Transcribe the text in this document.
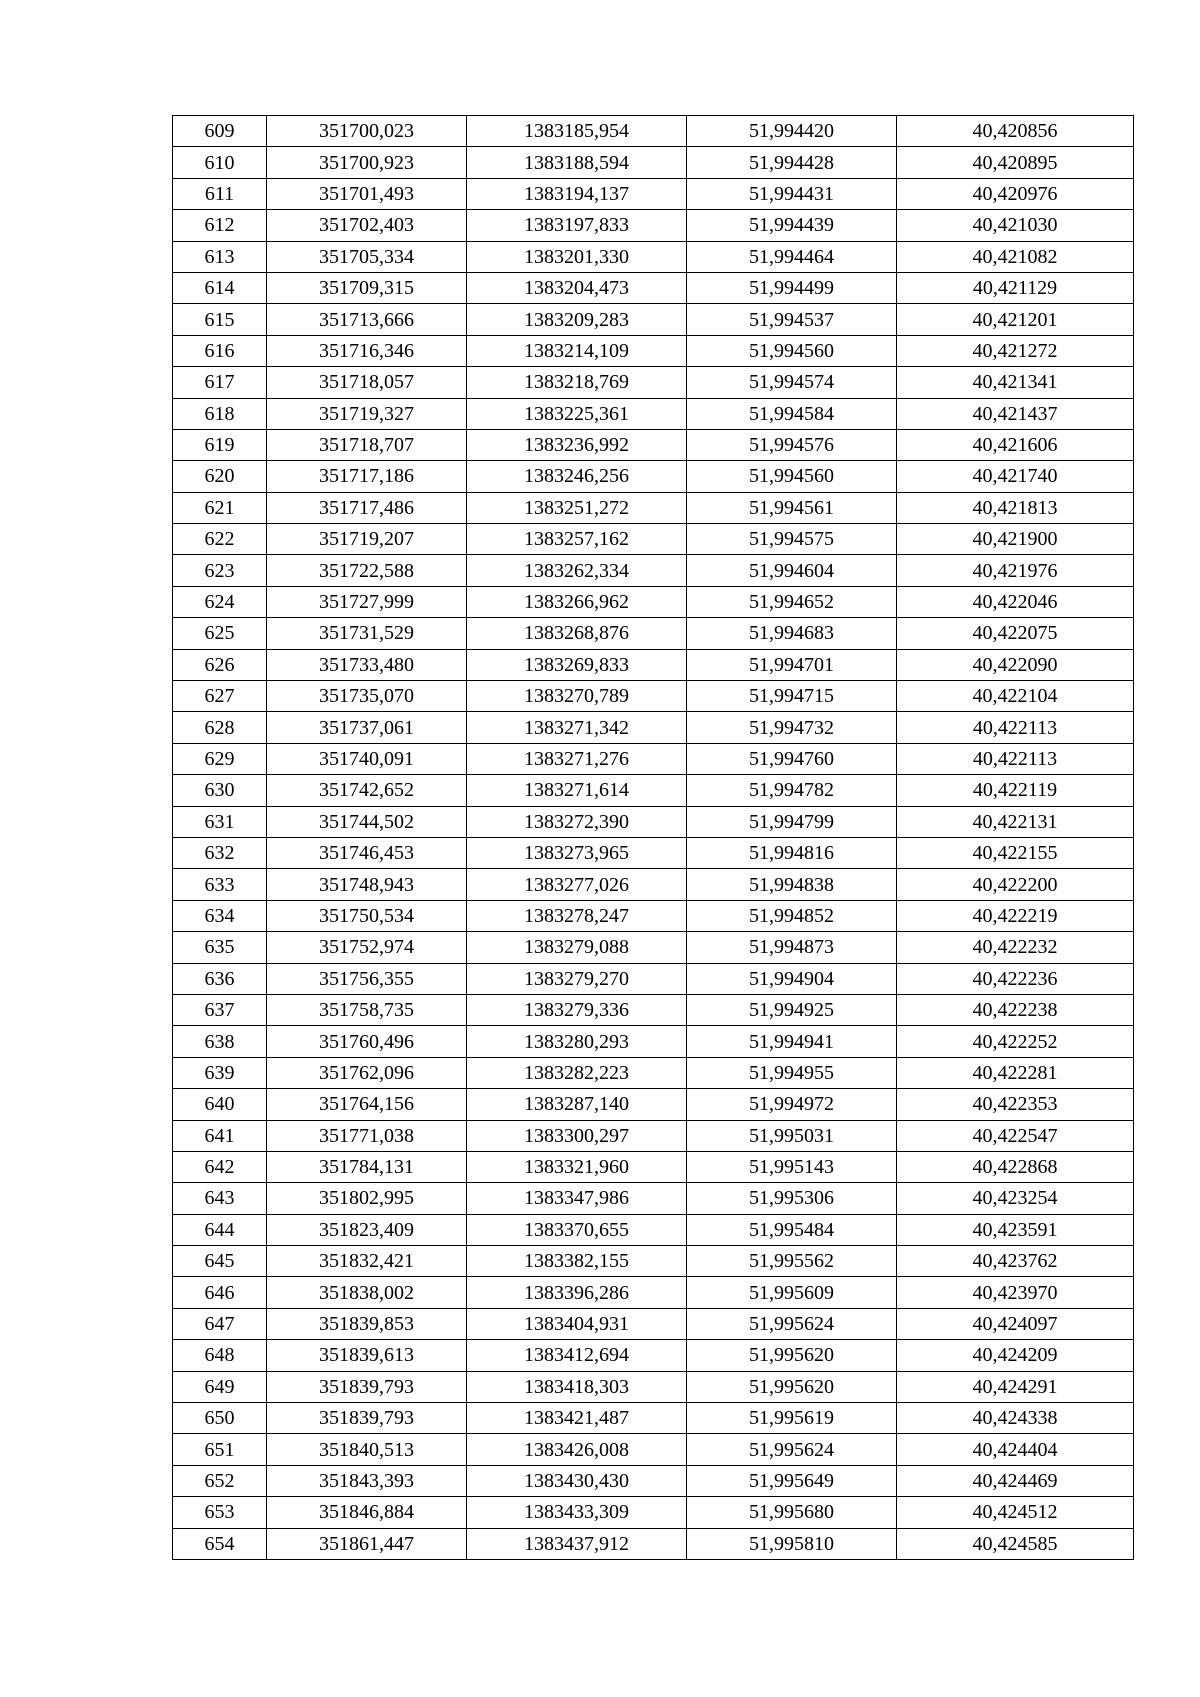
609	351700,023	1383185,954	51,994420	40,420856
610	351700,923	1383188,594	51,994428	40,420895
611	351701,493	1383194,137	51,994431	40,420976
612	351702,403	1383197,833	51,994439	40,421030
613	351705,334	1383201,330	51,994464	40,421082
614	351709,315	1383204,473	51,994499	40,421129
615	351713,666	1383209,283	51,994537	40,421201
616	351716,346	1383214,109	51,994560	40,421272
617	351718,057	1383218,769	51,994574	40,421341
618	351719,327	1383225,361	51,994584	40,421437
619	351718,707	1383236,992	51,994576	40,421606
620	351717,186	1383246,256	51,994560	40,421740
621	351717,486	1383251,272	51,994561	40,421813
622	351719,207	1383257,162	51,994575	40,421900
623	351722,588	1383262,334	51,994604	40,421976
624	351727,999	1383266,962	51,994652	40,422046
625	351731,529	1383268,876	51,994683	40,422075
626	351733,480	1383269,833	51,994701	40,422090
627	351735,070	1383270,789	51,994715	40,422104
628	351737,061	1383271,342	51,994732	40,422113
629	351740,091	1383271,276	51,994760	40,422113
630	351742,652	1383271,614	51,994782	40,422119
631	351744,502	1383272,390	51,994799	40,422131
632	351746,453	1383273,965	51,994816	40,422155
633	351748,943	1383277,026	51,994838	40,422200
634	351750,534	1383278,247	51,994852	40,422219
635	351752,974	1383279,088	51,994873	40,422232
636	351756,355	1383279,270	51,994904	40,422236
637	351758,735	1383279,336	51,994925	40,422238
638	351760,496	1383280,293	51,994941	40,422252
639	351762,096	1383282,223	51,994955	40,422281
640	351764,156	1383287,140	51,994972	40,422353
641	351771,038	1383300,297	51,995031	40,422547
642	351784,131	1383321,960	51,995143	40,422868
643	351802,995	1383347,986	51,995306	40,423254
644	351823,409	1383370,655	51,995484	40,423591
645	351832,421	1383382,155	51,995562	40,423762
646	351838,002	1383396,286	51,995609	40,423970
647	351839,853	1383404,931	51,995624	40,424097
648	351839,613	1383412,694	51,995620	40,424209
649	351839,793	1383418,303	51,995620	40,424291
650	351839,793	1383421,487	51,995619	40,424338
651	351840,513	1383426,008	51,995624	40,424404
652	351843,393	1383430,430	51,995649	40,424469
653	351846,884	1383433,309	51,995680	40,424512
654	351861,447	1383437,912	51,995810	40,424585
